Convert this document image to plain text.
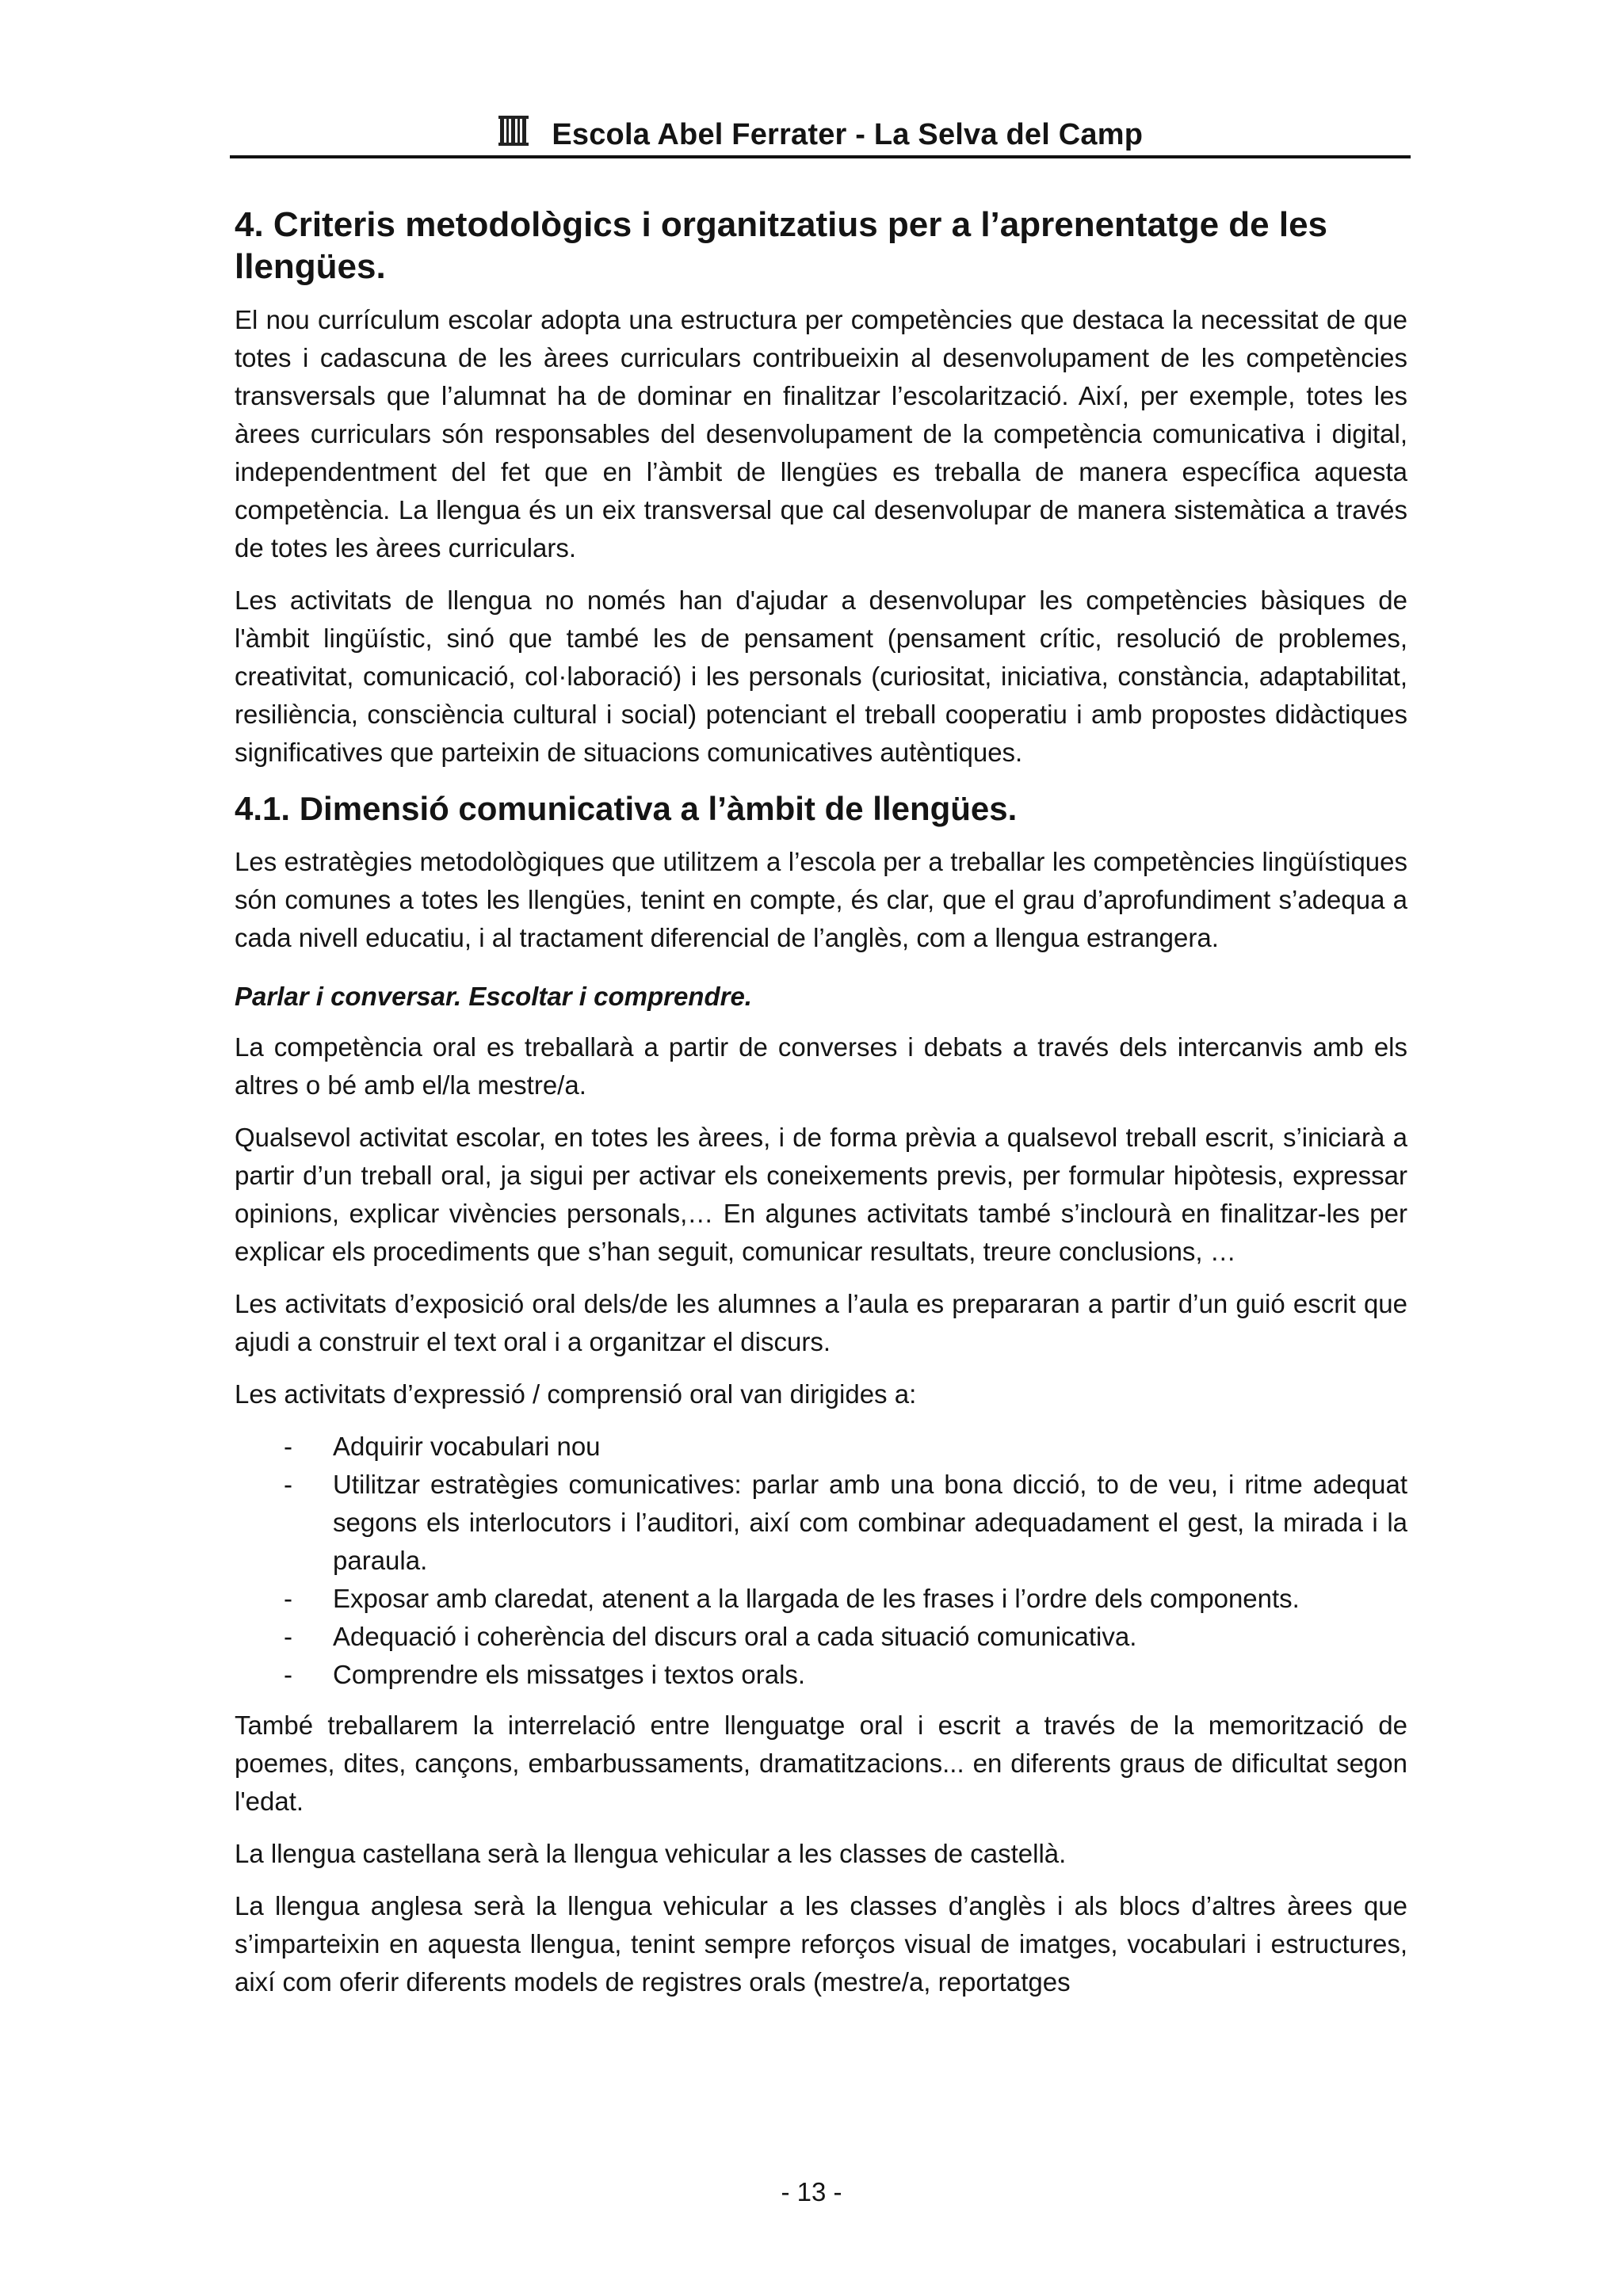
Escola Abel Ferrater - La Selva del Camp
4. Criteris metodològics i organitzatius per a l’aprenentatge de les llengües.

El nou currículum escolar adopta una estructura per competències que destaca la necessitat de que totes i cadascuna de les àrees curriculars contribueixin al desenvolupament de les competències transversals que l’alumnat ha de dominar en finalitzar l’escolarització. Així, per exemple, totes les àrees curriculars són responsables del desenvolupament de la competència comunicativa i digital, independentment del fet que en l’àmbit de llengües es treballa de manera específica aquesta competència. La llengua és un eix transversal que cal desenvolupar de manera sistemàtica a través de totes les àrees curriculars.

Les activitats de llengua no només han d'ajudar a desenvolupar les competències bàsiques de l'àmbit lingüístic, sinó que també les de pensament (pensament crític, resolució de problemes, creativitat, comunicació, col·laboració) i les personals (curiositat, iniciativa, constància, adaptabilitat, resiliència, consciència cultural i social) potenciant el treball cooperatiu i amb propostes didàctiques significatives que parteixin de situacions comunicatives autèntiques.

4.1. Dimensió comunicativa a l’àmbit de llengües.

Les estratègies metodològiques que utilitzem a l’escola per a treballar les competències lingüístiques són comunes a totes les llengües, tenint en compte, és clar, que el grau d’aprofundiment s’adequa a cada nivell educatiu, i al tractament diferencial de l’anglès, com a llengua estrangera.

Parlar i conversar. Escoltar i comprendre.

La competència oral es treballarà a partir de converses i debats a través dels intercanvis amb els altres o bé amb el/la mestre/a.

Qualsevol activitat escolar, en totes les àrees, i de forma prèvia a qualsevol treball escrit, s’iniciarà a partir d’un treball oral, ja sigui per activar els coneixements previs, per formular hipòtesis, expressar opinions, explicar vivències personals,… En algunes activitats també s’inclourà en finalitzar-les per explicar els procediments que s’han seguit, comunicar resultats, treure conclusions, …

Les activitats d’exposició oral dels/de les alumnes a l’aula es prepararan a partir d’un guió escrit que ajudi a construir el text oral i a organitzar el discurs.

Les activitats d’expressió / comprensió oral van dirigides a:

- Adquirir vocabulari nou
- Utilitzar estratègies comunicatives: parlar amb una bona dicció, to de veu, i ritme adequat segons els interlocutors i l’auditori, així com combinar adequadament el gest, la mirada i la paraula.
- Exposar amb claredat, atenent a la llargada de les frases i l’ordre dels components.
- Adequació i coherència del discurs oral a cada situació comunicativa.
- Comprendre els missatges i textos orals.

També treballarem la interrelació entre llenguatge oral i escrit a través de la memorització de poemes, dites, cançons, embarbussaments, dramatitzacions... en diferents graus de dificultat segon l'edat.

La llengua castellana serà la llengua vehicular a les classes de castellà.

La llengua anglesa serà la llengua vehicular a les classes d’anglès i als blocs d’altres àrees que s’imparteixin en aquesta llengua, tenint sempre reforços visual de imatges, vocabulari i estructures, així com oferir diferents models de registres orals (mestre/a, reportatges

- 13 -
